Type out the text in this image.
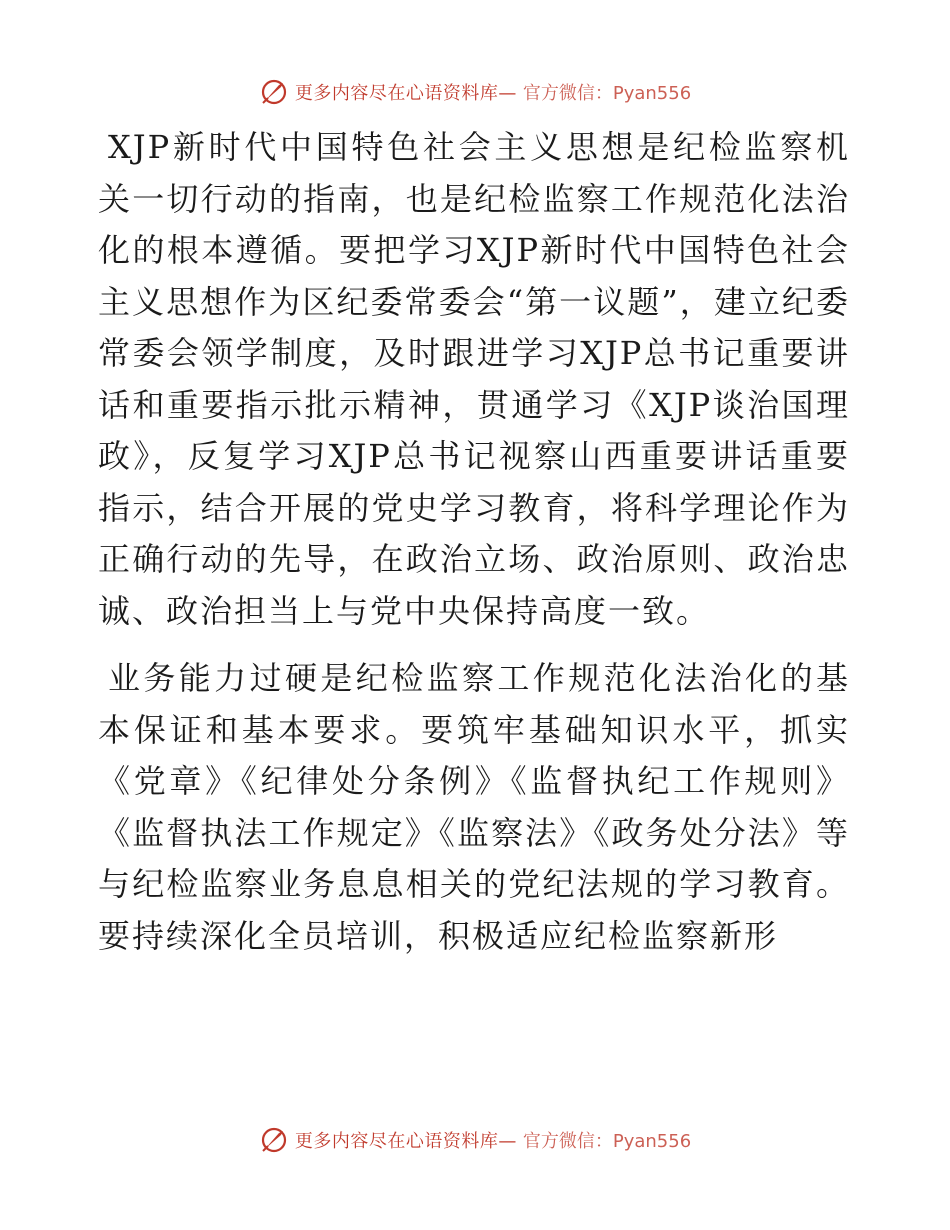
更多内容尽在心语资料库— 官方微信：Pyan556

XJP新时代中国特色社会主义思想是纪检监察机关一切行动的指南，也是纪检监察工作规范化法治化的根本遵循。要把学习XJP新时代中国特色社会主义思想作为区纪委常委会“第一议题”，建立纪委常委会领学制度，及时跟进学习XJP总书记重要讲话和重要指示批示精神，贯通学习《XJP谈治国理政》，反复学习XJP总书记视察山西重要讲话重要指示，结合开展的党史学习教育，将科学理论作为正确行动的先导，在政治立场、政治原则、政治忠诚、政治担当上与党中央保持高度一致。

业务能力过硬是纪检监察工作规范化法治化的基本保证和基本要求。要筑牢基础知识水平，抓实《党章》《纪律处分条例》《监督执纪工作规则》《监督执法工作规定》《监察法》《政务处分法》等与纪检监察业务息息相关的党纪法规的学习教育。要持续深化全员培训，积极适应纪检监察新形

更多内容尽在心语资料库— 官方微信：Pyan556
